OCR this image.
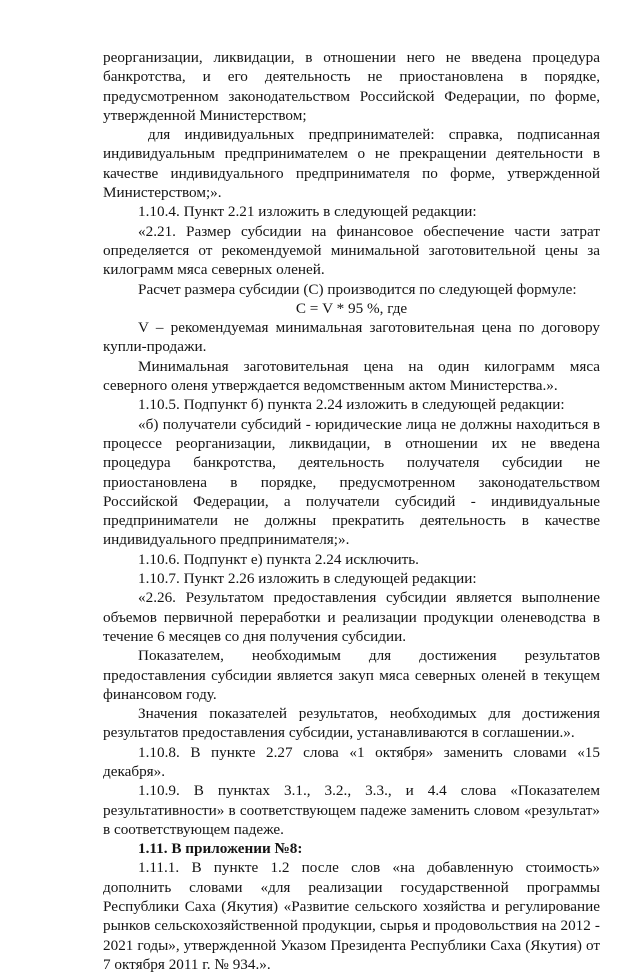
реорганизации, ликвидации, в отношении него не введена процедура банкротства, и его деятельность не приостановлена в порядке, предусмотренном законодательством Российской Федерации, по форме, утвержденной Министерством;

для индивидуальных предпринимателей: справка, подписанная индивидуальным предпринимателем о не прекращении деятельности в качестве индивидуального предпринимателя по форме, утвержденной Министерством;».

1.10.4. Пункт 2.21 изложить в следующей редакции:

«2.21. Размер субсидии на финансовое обеспечение части затрат определяется от рекомендуемой минимальной заготовительной цены за килограмм мяса северных оленей.

Расчет размера субсидии (С) производится по следующей формуле:

С = V * 95 %, где

V – рекомендуемая минимальная заготовительная цена по договору купли-продажи.

Минимальная заготовительная цена на один килограмм мяса северного оленя утверждается ведомственным актом Министерства.».

1.10.5. Подпункт б) пункта 2.24 изложить в следующей редакции:

«б) получатели субсидий - юридические лица не должны находиться в процессе реорганизации, ликвидации, в отношении их не введена процедура банкротства, деятельность получателя субсидии не приостановлена в порядке, предусмотренном законодательством Российской Федерации, а получатели субсидий - индивидуальные предприниматели не должны прекратить деятельность в качестве индивидуального предпринимателя;».

1.10.6. Подпункт е) пункта 2.24 исключить.

1.10.7. Пункт 2.26 изложить в следующей редакции:

«2.26. Результатом предоставления субсидии является выполнение объемов первичной переработки и реализации продукции оленеводства в течение 6 месяцев со дня получения субсидии.

Показателем, необходимым для достижения результатов предоставления субсидии является закуп мяса северных оленей в текущем финансовом году.

Значения показателей результатов, необходимых для достижения результатов предоставления субсидии, устанавливаются в соглашении.».

1.10.8. В пункте 2.27 слова «1 октября» заменить словами «15 декабря».

1.10.9. В пунктах 3.1., 3.2., 3.3., и 4.4 слова «Показателем результативности» в соответствующем падеже заменить словом «результат» в соответствующем падеже.

1.11. В приложении №8:

1.11.1. В пункте 1.2 после слов «на добавленную стоимость» дополнить словами «для реализации государственной программы Республики Саха (Якутия) «Развитие сельского хозяйства и регулирование рынков сельскохозяйственной продукции, сырья и продовольствия на 2012 - 2021 годы», утвержденной Указом Президента Республики Саха (Якутия) от 7 октября 2011 г. № 934.».
